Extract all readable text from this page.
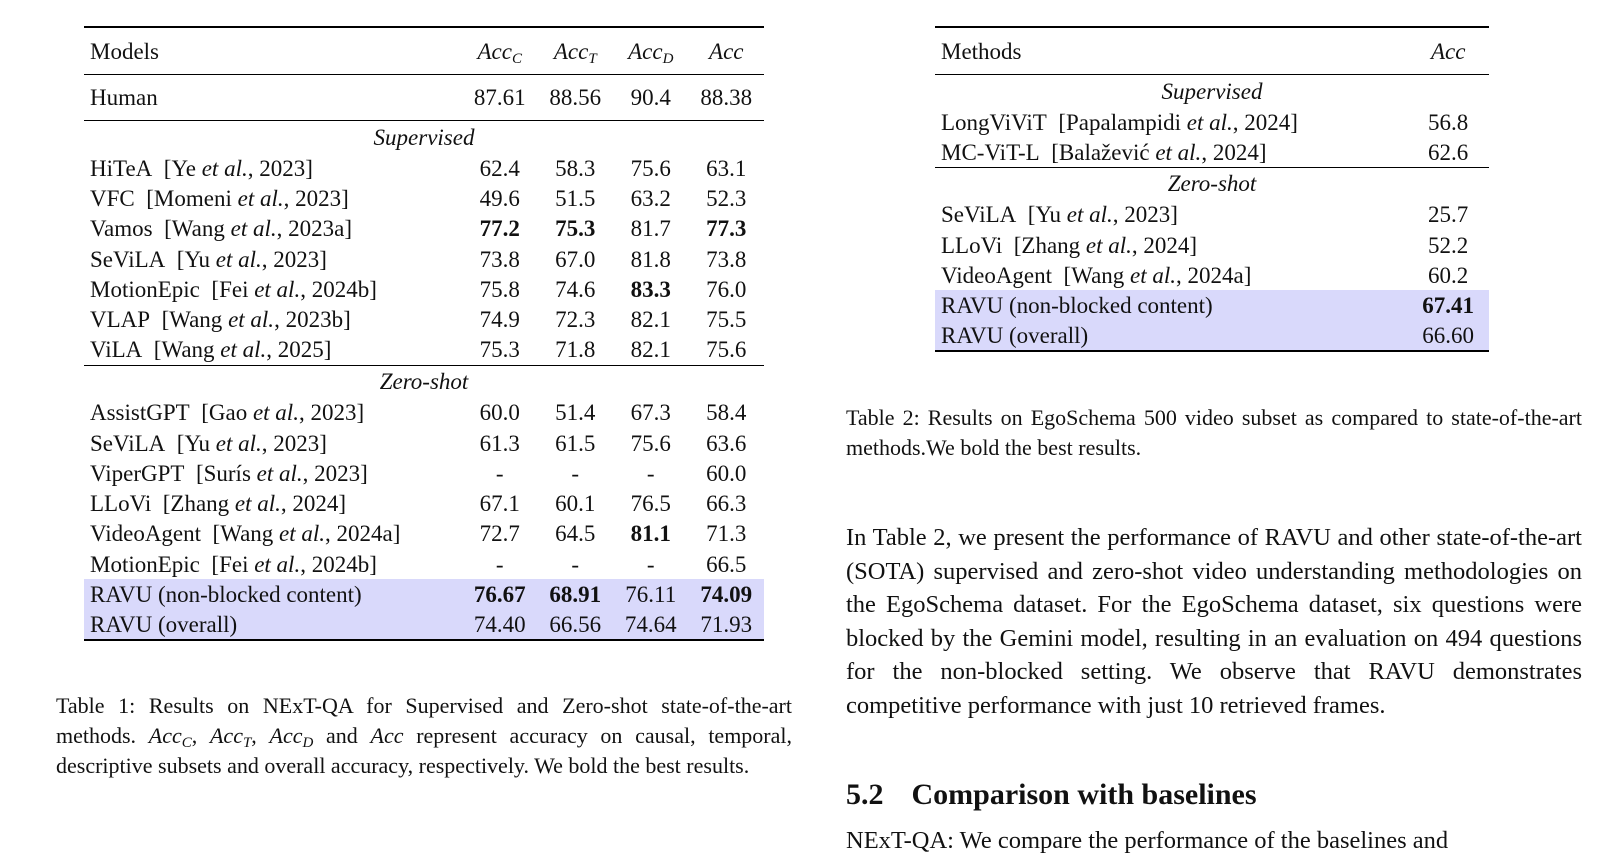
Models	Acc$_C$	Acc$_T$	Acc$_D$	Acc
Human	87.61	88.56	90.4	88.38
Supervised				
HiTeA  [Ye et al., 2023]	62.4	58.3	75.6	63.1
VFC  [Momeni et al., 2023]	49.6	51.5	63.2	52.3
Vamos  [Wang et al., 2023a]	77.2	75.3	81.7	77.3
SeViLA  [Yu et al., 2023]	73.8	67.0	81.8	73.8
MotionEpic  [Fei et al., 2024b]	75.8	74.6	83.3	76.0
VLAP  [Wang et al., 2023b]	74.9	72.3	82.1	75.5
ViLA  [Wang et al., 2025]	75.3	71.8	82.1	75.6
Zero-shot				
AssistGPT  [Gao et al., 2023]	60.0	51.4	67.3	58.4
SeViLA  [Yu et al., 2023]	61.3	61.5	75.6	63.6
ViperGPT  [Surís et al., 2023]	-	-	-	60.0
LLoVi  [Zhang et al., 2024]	67.1	60.1	76.5	66.3
VideoAgent  [Wang et al., 2024a]	72.7	64.5	81.1	71.3
MotionEpic  [Fei et al., 2024b]	-	-	-	66.5
RAVU (non-blocked content)	76.67	68.91	76.11	74.09
RAVU (overall)	74.40	66.56	74.64	71.93
Table 1: Results on NExT-QA for Supervised and Zero-shot state-of-the-art methods. Acc$_C$, Acc$_T$, Acc$_D$ and Acc represent accuracy on causal, temporal, descriptive subsets and overall accuracy, respectively. We bold the best results.
Methods	Acc
Supervised	
LongViViT  [Papalampidi et al., 2024]	56.8
MC-ViT-L  [Balažević et al., 2024]	62.6
Zero-shot	
SeViLA  [Yu et al., 2023]	25.7
LLoVi  [Zhang et al., 2024]	52.2
VideoAgent  [Wang et al., 2024a]	60.2
RAVU (non-blocked content)	67.41
RAVU (overall)	66.60
Table 2: Results on EgoSchema 500 video subset as compared to state-of-the-art methods.We bold the best results.
In Table 2, we present the performance of RAVU and other state-of-the-art (SOTA) supervised and zero-shot video understanding methodologies on the EgoSchema dataset. For the EgoSchema dataset, six questions were blocked by the Gemini model, resulting in an evaluation on 494 questions for the non-blocked setting. We observe that RAVU demonstrates competitive performance with just 10 retrieved frames.
5.2 Comparison with baselines
NExT-QA: We compare the performance of the baselines and
